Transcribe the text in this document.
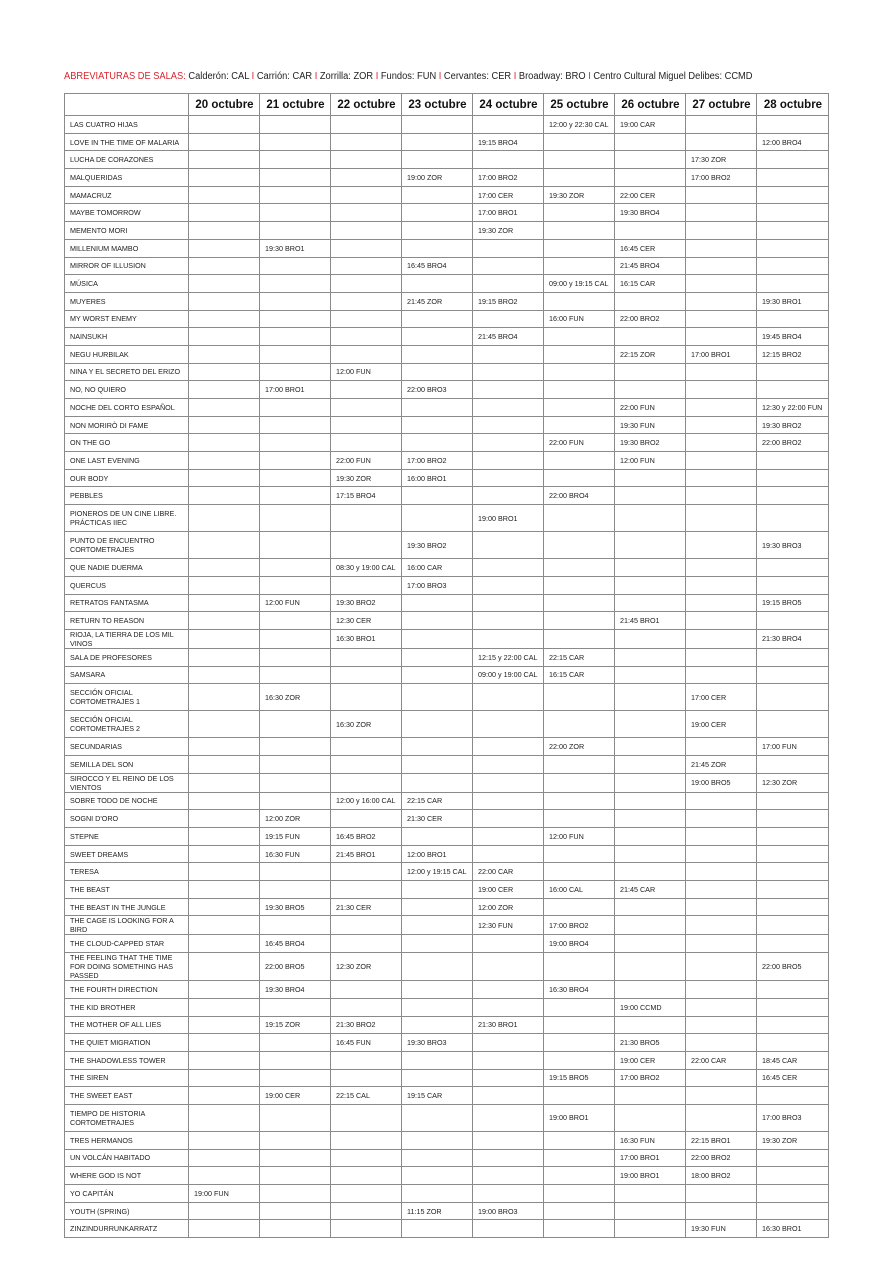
ABREVIATURAS DE SALAS: Calderón: CAL I Carrión: CAR I Zorrilla: ZOR I Fundos: FUN I Cervantes: CER I Broadway: BRO I Centro Cultural Miguel Delibes: CCMD
	20 octubre	21 octubre	22 octubre	23 octubre	24 octubre	25 octubre	26 octubre	27 octubre	28 octubre
LAS CUATRO HIJAS						12:00 y 22:30 CAL	19:00 CAR		
LOVE IN THE TIME OF MALARIA					19:15 BRO4				12:00 BRO4
LUCHA DE CORAZONES								17:30 ZOR	
MALQUERIDAS				19:00 ZOR	17:00 BRO2			17:00 BRO2	
MAMACRUZ					17:00 CER	19:30 ZOR	22:00 CER		
MAYBE TOMORROW					17:00 BRO1		19:30 BRO4		
MEMENTO MORI					19:30 ZOR				
MILLENIUM MAMBO		19:30 BRO1					16:45 CER		
MIRROR OF ILLUSION				16:45 BRO4			21:45 BRO4		
MÚSICA						09:00 y 19:15 CAL	16:15 CAR		
MUYERES				21:45 ZOR	19:15 BRO2				19:30 BRO1
MY WORST ENEMY						16:00 FUN	22:00 BRO2		
NAINSUKH					21:45 BRO4				19:45 BRO4
NEGU HURBILAK							22:15 ZOR	17:00 BRO1	12:15 BRO2
NINA Y EL SECRETO DEL ERIZO			12:00 FUN						
NO, NO QUIERO		17:00 BRO1		22:00 BRO3					
NOCHE DEL CORTO ESPAÑOL							22:00 FUN		12:30 y 22:00 FUN
NON MORIRÒ DI FAME							19:30 FUN		19:30 BRO2
ON THE GO						22:00 FUN	19:30 BRO2		22:00 BRO2
ONE LAST EVENING			22:00 FUN	17:00 BRO2			12:00 FUN		
OUR BODY			19:30 ZOR	16:00 BRO1					
PEBBLES			17:15 BRO4			22:00 BRO4			
PIONEROS DE UN CINE LIBRE. PRÁCTICAS IIEC					19:00 BRO1				
PUNTO DE ENCUENTRO CORTOMETRAJES				19:30 BRO2					19:30 BRO3
QUE NADIE DUERMA			08:30 y 19:00 CAL	16:00 CAR					
QUERCUS				17:00 BRO3					
RETRATOS FANTASMA		12:00 FUN	19:30 BRO2						19:15 BRO5
RETURN TO REASON			12:30 CER				21:45 BRO1		
RIOJA, LA TIERRA DE LOS MIL VINOS			16:30 BRO1						21:30 BRO4
SALA DE PROFESORES					12:15 y 22:00 CAL	22:15 CAR			
SAMSARA					09:00 y 19:00 CAL	16:15 CAR			
SECCIÓN OFICIAL CORTOMETRAJES 1		16:30 ZOR						17:00 CER	
SECCIÓN OFICIAL CORTOMETRAJES 2			16:30 ZOR					19:00 CER	
SECUNDARIAS						22:00 ZOR			17:00 FUN
SEMILLA DEL SON								21:45 ZOR	
SIROCCO Y EL REINO DE LOS VIENTOS								19:00 BRO5	12:30 ZOR
SOBRE TODO DE NOCHE			12:00 y 16:00 CAL	22:15 CAR					
SOGNI D'ORO		12:00 ZOR		21:30 CER					
STEPNE		19:15 FUN	16:45 BRO2			12:00 FUN			
SWEET DREAMS		16:30 FUN	21:45 BRO1	12:00 BRO1					
TERESA				12:00 y 19:15 CAL	22:00 CAR				
THE BEAST					19:00 CER	16:00 CAL	21:45 CAR		
THE BEAST IN THE JUNGLE		19:30 BRO5	21:30 CER		12:00 ZOR				
THE CAGE IS LOOKING FOR A BIRD					12:30 FUN	17:00 BRO2			
THE CLOUD-CAPPED STAR		16:45 BRO4				19:00 BRO4			
THE FEELING THAT THE TIME FOR DOING SOMETHING HAS PASSED		22:00 BRO5	12:30 ZOR						22:00 BRO5
THE FOURTH DIRECTION		19:30 BRO4				16:30 BRO4			
THE KID BROTHER							19:00 CCMD		
THE MOTHER OF ALL LIES		19:15 ZOR	21:30 BRO2		21:30 BRO1				
THE QUIET MIGRATION			16:45 FUN	19:30 BRO3			21:30 BRO5		
THE SHADOWLESS TOWER							19:00 CER	22:00 CAR	18:45 CAR
THE SIREN						19:15 BRO5	17:00 BRO2		16:45 CER
THE SWEET EAST		19:00 CER	22:15 CAL	19:15 CAR					
TIEMPO DE HISTORIA CORTOMETRAJES						19:00 BRO1			17:00 BRO3
TRES HERMANOS							16:30 FUN	22:15 BRO1	19:30 ZOR
UN VOLCÁN HABITADO							17:00 BRO1	22:00 BRO2	
WHERE GOD IS NOT							19:00 BRO1	18:00 BRO2	
YO CAPITÁN	19:00 FUN								
YOUTH (SPRING)				11:15 ZOR	19:00 BRO3				
ZINZINDURRUNKARRATZ								19:30 FUN	16:30 BRO1
